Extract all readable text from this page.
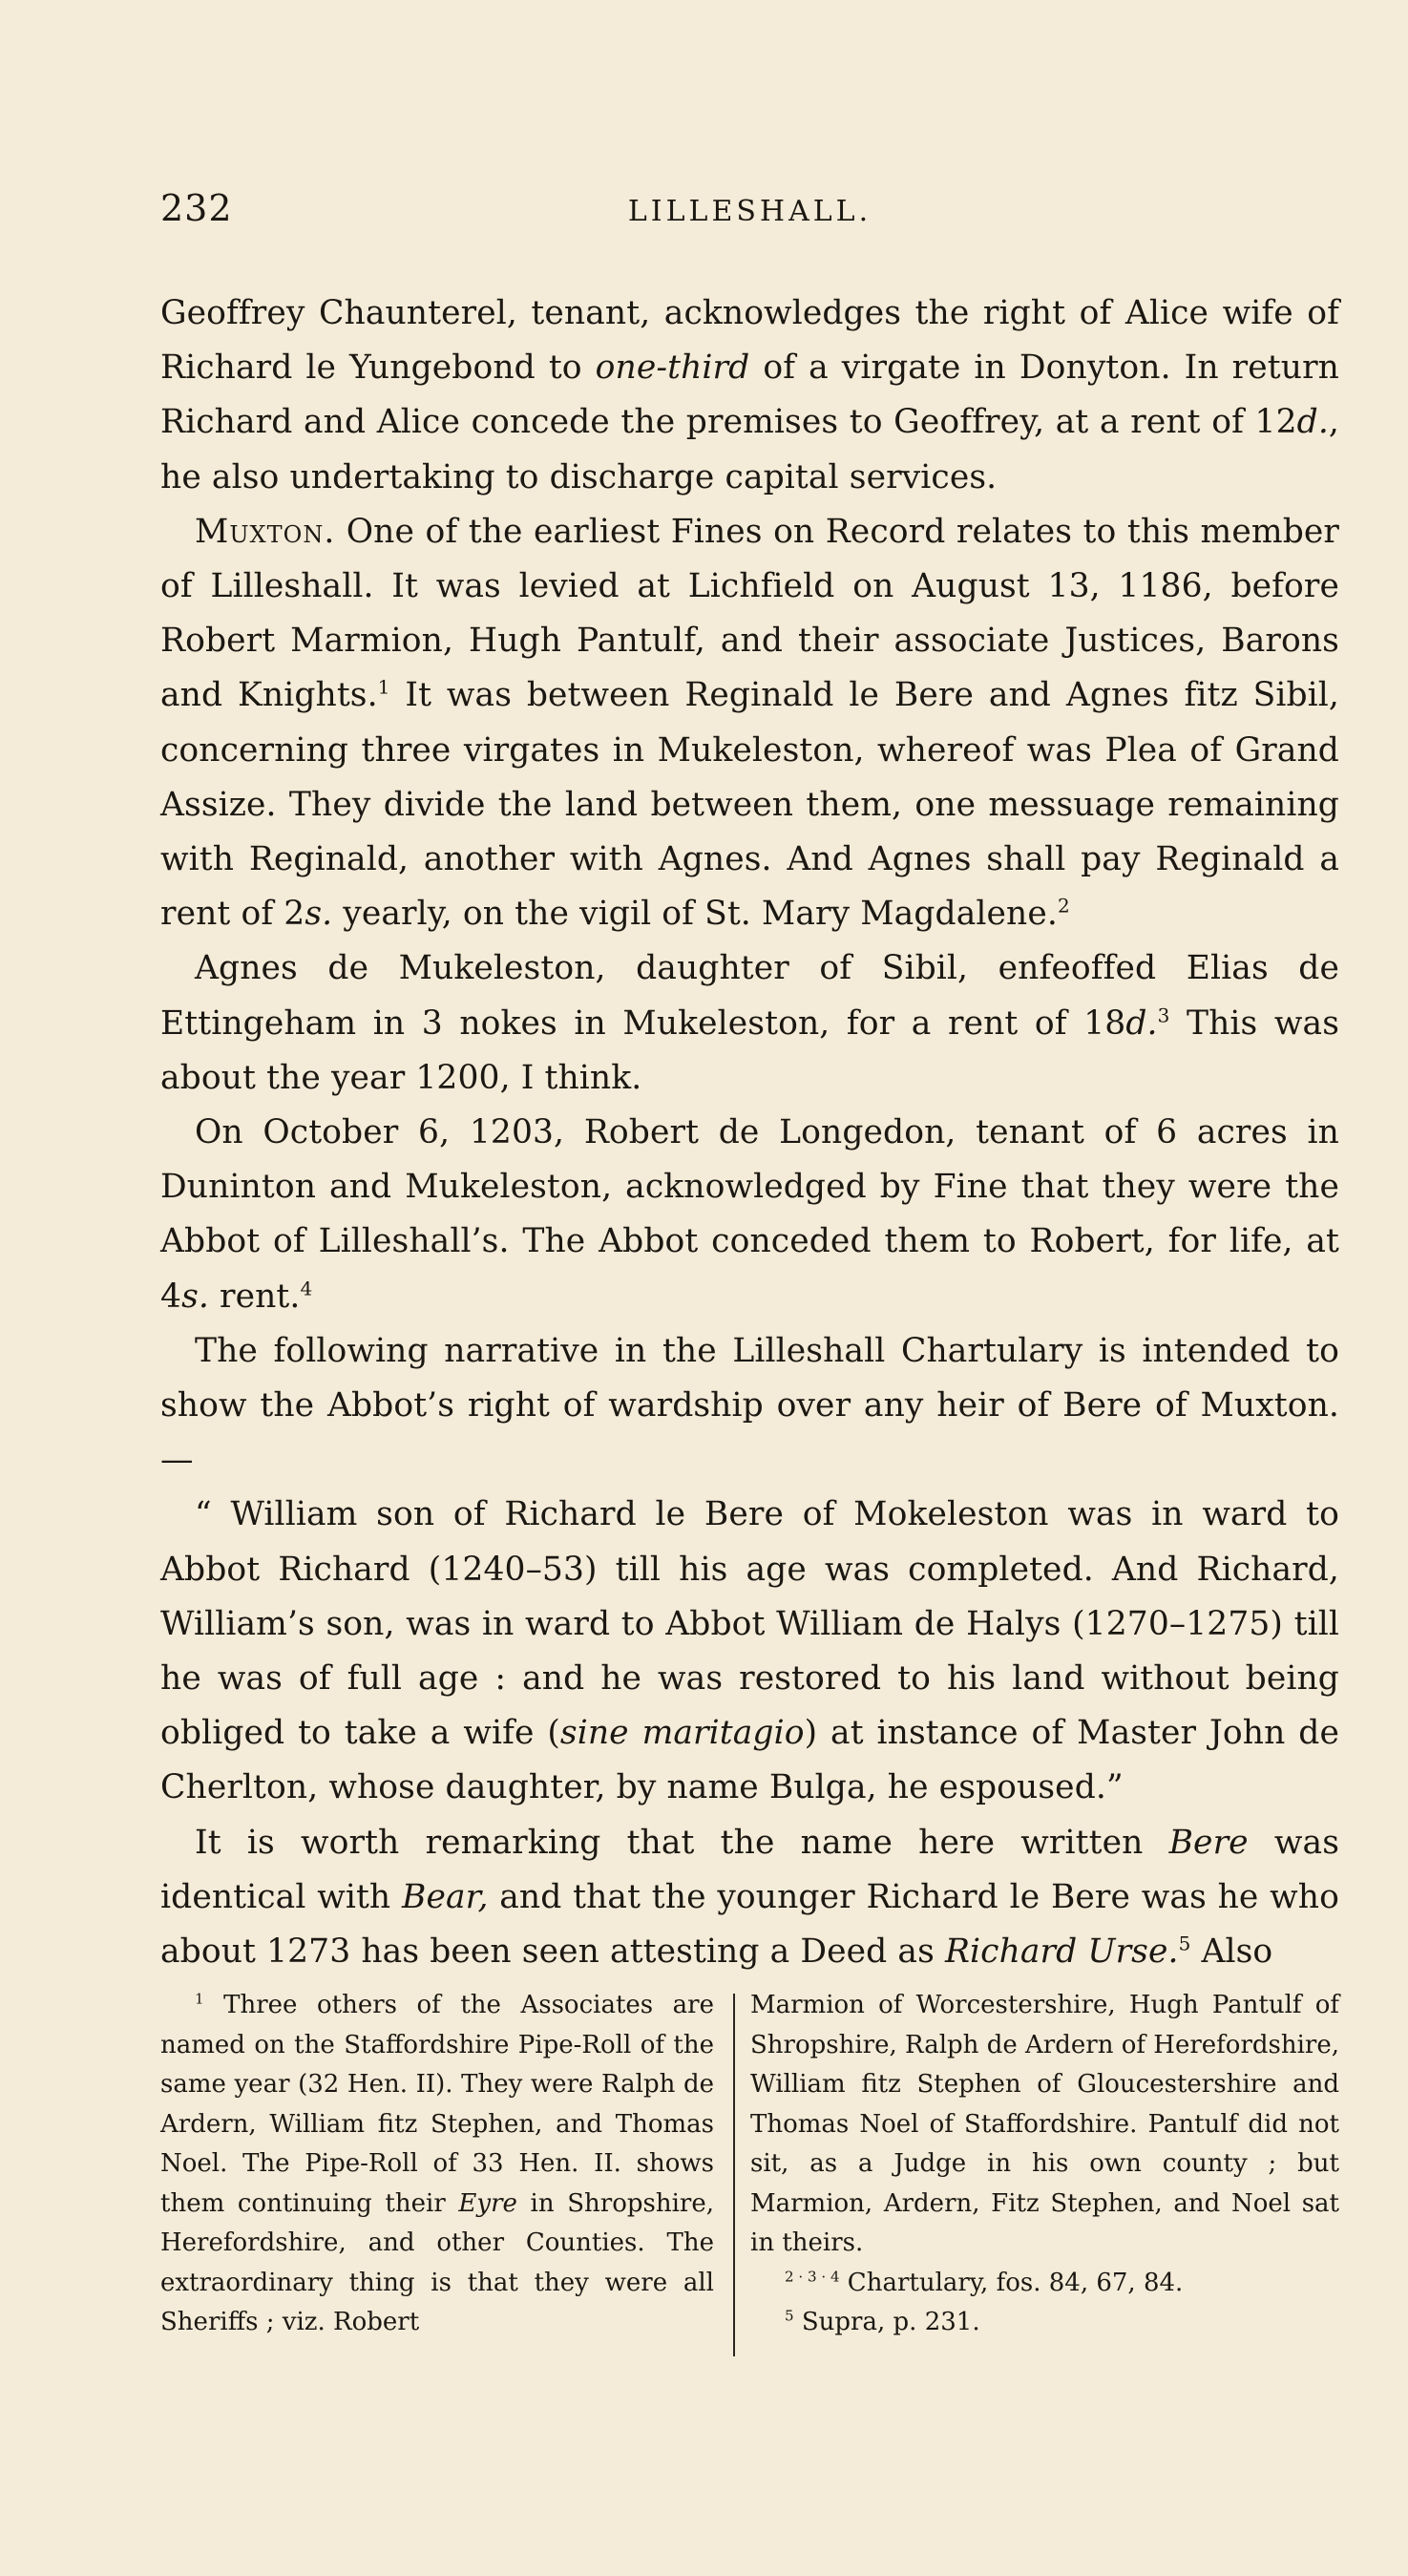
232	LILLESHALL.

Geoffrey Chaunterel, tenant, acknowledges the right of Alice wife of Richard le Yungebond to one-third of a virgate in Donyton. In return Richard and Alice concede the premises to Geoffrey, at a rent of 12d., he also undertaking to discharge capital services.

Muxton. One of the earliest Fines on Record relates to this member of Lilleshall. It was levied at Lichfield on August 13, 1186, before Robert Marmion, Hugh Pantulf, and their associate Justices, Barons and Knights.$^1$ It was between Reginald le Bere and Agnes fitz Sibil, concerning three virgates in Mukeleston, whereof was Plea of Grand Assize. They divide the land between them, one messuage remaining with Reginald, another with Agnes. And Agnes shall pay Reginald a rent of 2s. yearly, on the vigil of St. Mary Magdalene.$^2$

Agnes de Mukeleston, daughter of Sibil, enfeoffed Elias de Ettingeham in 3 nokes in Mukeleston, for a rent of 18d.$^3$ This was about the year 1200, I think.

On October 6, 1203, Robert de Longedon, tenant of 6 acres in Duninton and Mukeleston, acknowledged by Fine that they were the Abbot of Lilleshall’s. The Abbot conceded them to Robert, for life, at 4s. rent.$^4$

The following narrative in the Lilleshall Chartulary is intended to show the Abbot’s right of wardship over any heir of Bere of Muxton.—

“ William son of Richard le Bere of Mokeleston was in ward to Abbot Richard (1240–53) till his age was completed. And Richard, William’s son, was in ward to Abbot William de Halys (1270–1275) till he was of full age : and he was restored to his land without being obliged to take a wife (sine maritagio) at instance of Master John de Cherlton, whose daughter, by name Bulga, he espoused.”

It is worth remarking that the name here written Bere was identical with Bear, and that the younger Richard le Bere was he who about 1273 has been seen attesting a Deed as Richard Urse.$^5$ Also

$^1$ Three others of the Associates are named on the Staffordshire Pipe-Roll of the same year (32 Hen. II). They were Ralph de Ardern, William fitz Stephen, and Thomas Noel. The Pipe-Roll of 33 Hen. II. shows them continuing their Eyre in Shropshire, Herefordshire, and other Counties. The extraordinary thing is that they were all Sheriffs ; viz. Robert

Marmion of Worcestershire, Hugh Pantulf of Shropshire, Ralph de Ardern of Herefordshire, William fitz Stephen of Gloucestershire and Thomas Noel of Staffordshire. Pantulf did not sit, as a Judge in his own county ; but Marmion, Ardern, Fitz Stephen, and Noel sat in theirs.

$^{2 \cdot 3 \cdot 4}$ Chartulary, fos. 84, 67, 84.

$^5$ Supra, p. 231.
